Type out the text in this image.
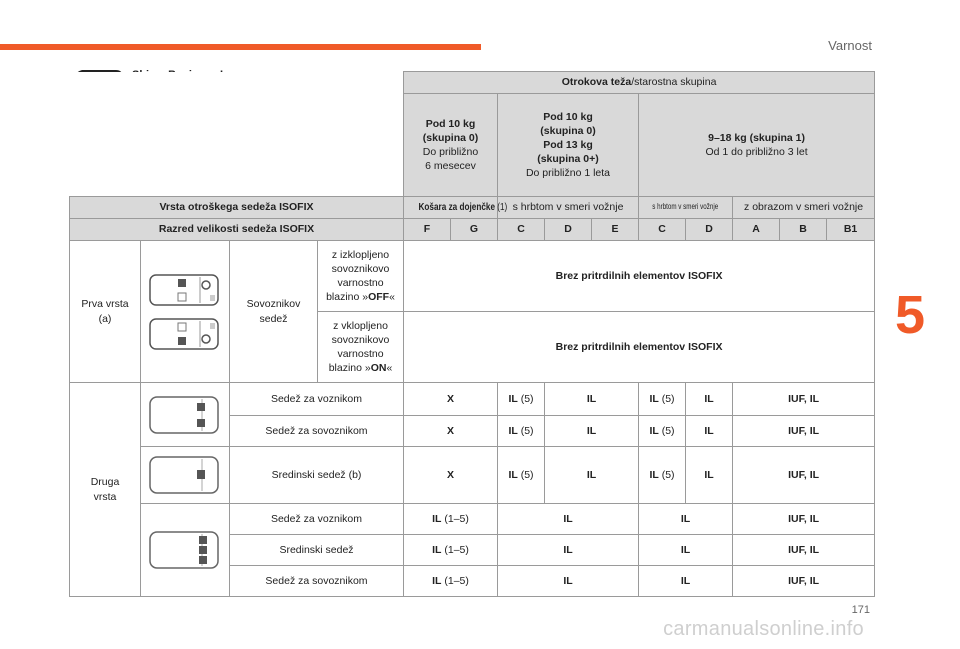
Varnost
5
171
carmanualsonline.info
				Otrokova teža/starostna skupina									
				Pod 10 kg
(skupina 0)
Do približno
6 mesecev		Pod 10 kg
(skupina 0)
Pod 13 kg
(skupina 0+)
Do približno 1 leta			9–18 kg (skupina 1)
Od 1 do približno 3 let				
Vrsta otroškega sedeža ISOFIX				Košara za dojenčke (1)		s hrbtom v smeri vožnje			s hrbtom v smeri vožnje		z obrazom v smeri vožnje		
Razred velikosti sedeža ISOFIX				F	G	C	D	E	C	D	A	B	B1
Prva vrsta
(a)		Sovoznikov
sedež	z izklopljeno
sovoznikovo
varnostno
blazino »OFF«	Brez pritrdilnih elementov ISOFIX									
			z vklopljeno
sovoznikovo
varnostno
blazino »ON«	Brez pritrdilnih elementov ISOFIX									
Druga
vrsta		Sedež za voznikom		X		IL (5)	IL		IL (5)	IL	IUF, IL		
		Sedež za sovoznikom		X		IL (5)	IL		IL (5)	IL	IUF, IL		

	Sredinski sedež (b)		X		IL (5)	IL		IL (5)	IL	IUF, IL		

	Sedež za voznikom		IL (1–5)		IL			IL		IUF, IL		
		Sredinski sedež		IL (1–5)		IL			IL		IUF, IL		
		Sedež za sovoznikom		IL (1–5)		IL			IL		IUF, IL		
